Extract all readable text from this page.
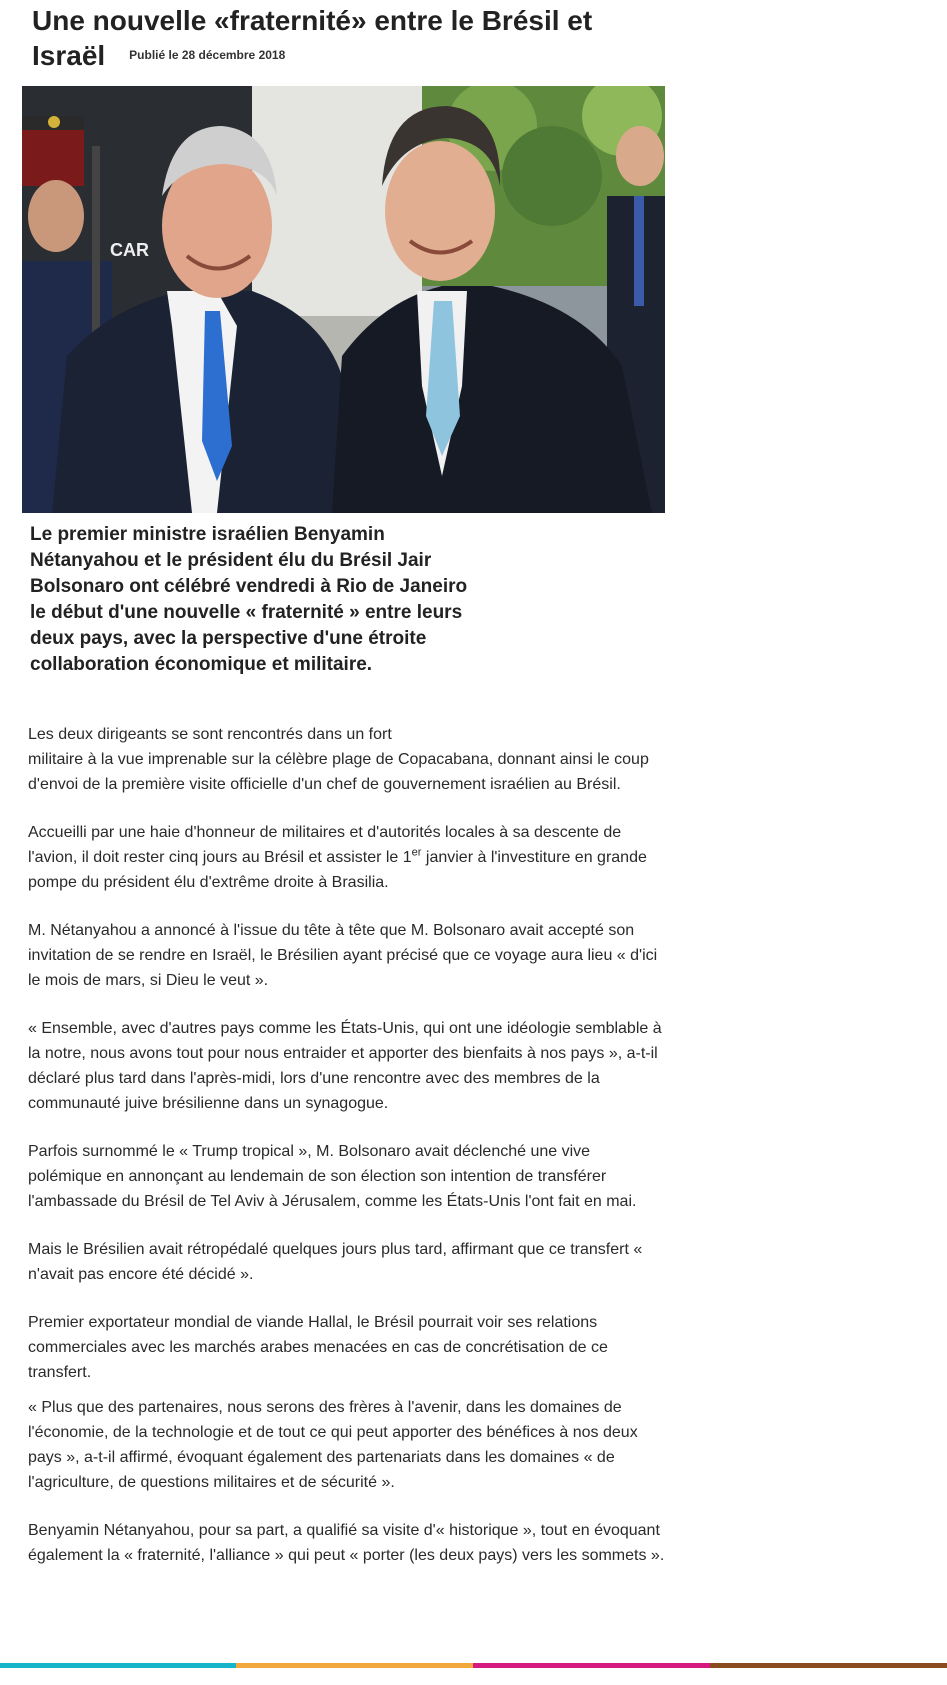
Une nouvelle «fraternité» entre le Brésil et
Israël $^{Publié le 28 décembre 2018}$
CAR
Le premier ministre israélien Benyamin Nétanyahou et le président élu du Brésil Jair Bolsonaro ont célébré vendredi à Rio de Janeiro le début d'une nouvelle « fraternité » entre leurs deux pays, avec la perspective d'une étroite collaboration économique et militaire.

Les deux dirigeants se sont rencontrés dans un fort
militaire à la vue imprenable sur la célèbre plage de Copacabana, donnant ainsi le coup d'envoi de la première visite officielle d'un chef de gouvernement israélien au Brésil.

Accueilli par une haie d'honneur de militaires et d'autorités locales à sa descente de l'avion, il doit rester cinq jours au Brésil et assister le 1er janvier à l'investiture en grande pompe du président élu d'extrême droite à Brasilia.

M. Nétanyahou a annoncé à l'issue du tête à tête que M. Bolsonaro avait accepté son invitation de se rendre en Israël, le Brésilien ayant précisé que ce voyage aura lieu « d'ici le mois de mars, si Dieu le veut ».

« Ensemble, avec d'autres pays comme les États-Unis, qui ont une idéologie semblable à la notre, nous avons tout pour nous entraider et apporter des bienfaits à nos pays », a-t-il déclaré plus tard dans l'après-midi, lors d'une rencontre avec des membres de la communauté juive brésilienne dans un synagogue.

Parfois surnommé le « Trump tropical », M. Bolsonaro avait déclenché une vive polémique en annonçant au lendemain de son élection son intention de transférer l'ambassade du Brésil de Tel Aviv à Jérusalem, comme les États-Unis l'ont fait en mai.

Mais le Brésilien avait rétropédalé quelques jours plus tard, affirmant que ce transfert « n'avait pas encore été décidé ».

Premier exportateur mondial de viande Hallal, le Brésil pourrait voir ses relations commerciales avec les marchés arabes menacées en cas de concrétisation de ce transfert.

« Plus que des partenaires, nous serons des frères à l'avenir, dans les domaines de l'économie, de la technologie et de tout ce qui peut apporter des bénéfices à nos deux pays », a-t-il affirmé, évoquant également des partenariats dans les domaines « de l'agriculture, de questions militaires et de sécurité ».

Benyamin Nétanyahou, pour sa part, a qualifié sa visite d'« historique », tout en évoquant également la « fraternité, l'alliance » qui peut « porter (les deux pays) vers les sommets ».
